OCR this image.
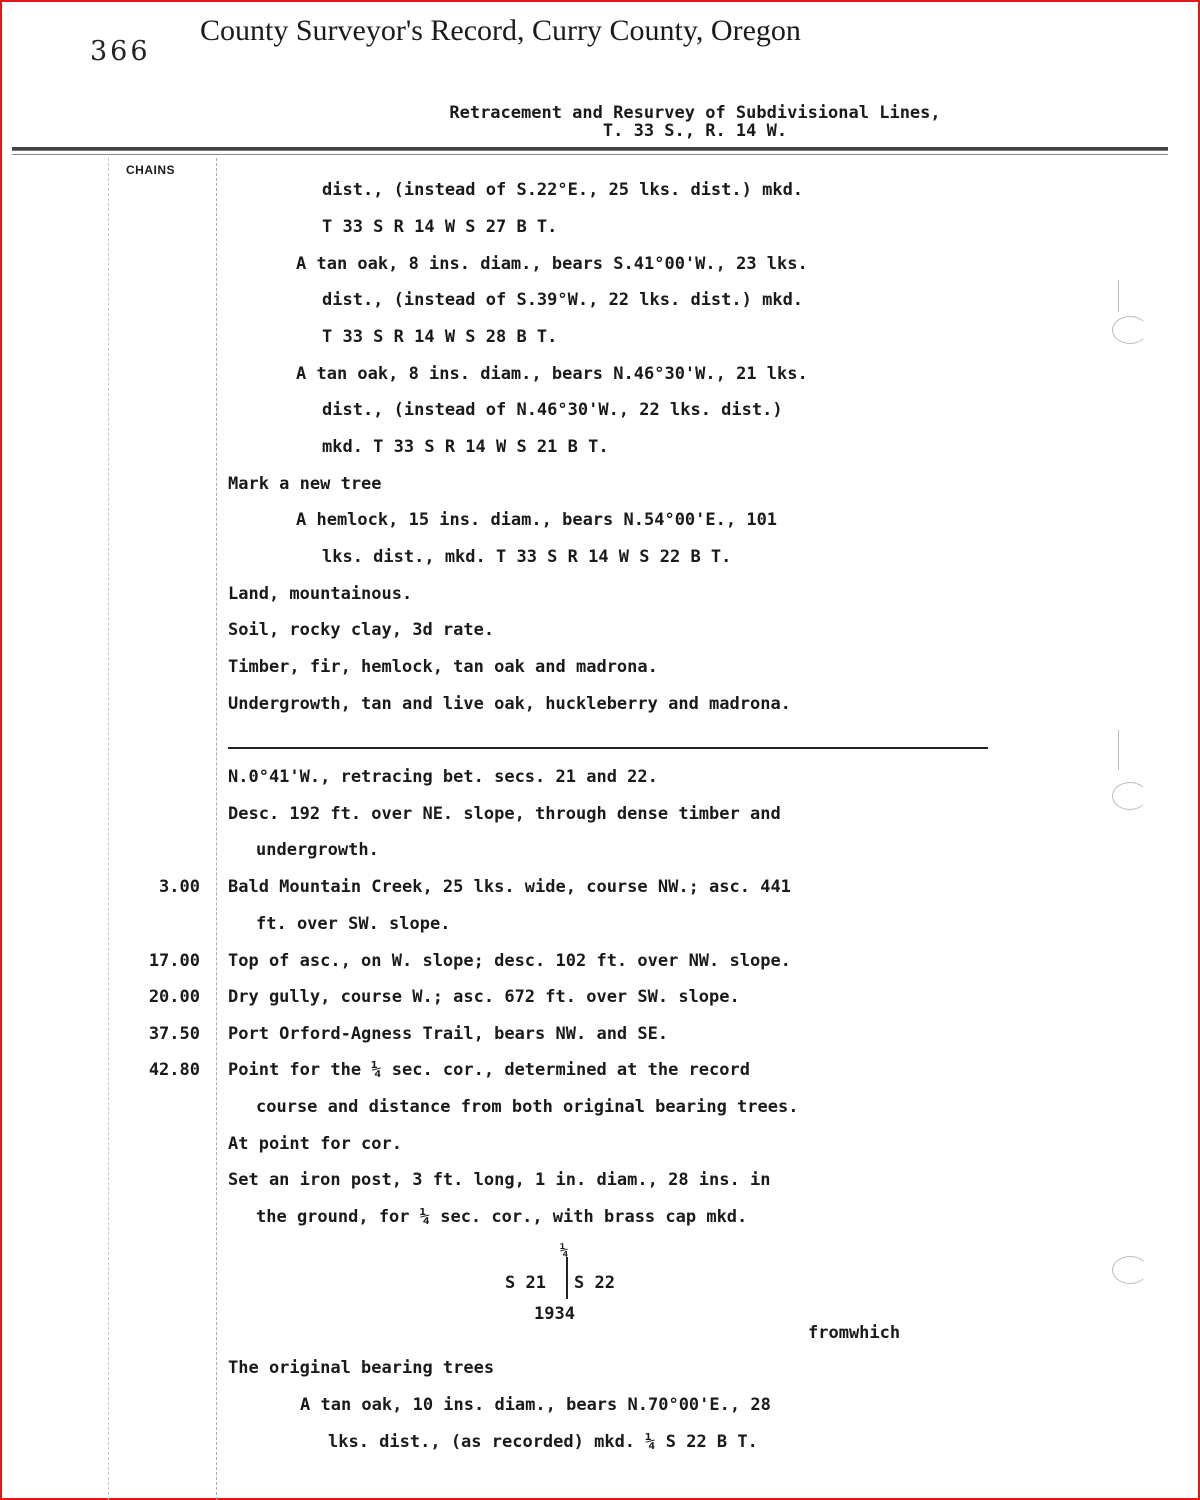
366
County Surveyor's Record, Curry County, Oregon
Retracement and Resurvey of Subdivisional Lines,
T. 33 S., R. 14 W.
CHAINS
dist., (instead of S.22°E., 25 lks. dist.) mkd.
T 33 S R 14 W S 27 B T.
A tan oak, 8 ins. diam., bears S.41°00'W., 23 lks.
dist., (instead of S.39°W., 22 lks. dist.) mkd.
T 33 S R 14 W S 28 B T.
A tan oak, 8 ins. diam., bears N.46°30'W., 21 lks.
dist., (instead of N.46°30'W., 22 lks. dist.)
mkd. T 33 S R 14 W S 21 B T.
Mark a new tree
A hemlock, 15 ins. diam., bears N.54°00'E., 101
lks. dist., mkd. T 33 S R 14 W S 22 B T.
Land, mountainous.
Soil, rocky clay, 3d rate.
Timber, fir, hemlock, tan oak and madrona.
Undergrowth, tan and live oak, huckleberry and madrona.
N.0°41'W., retracing bet. secs. 21 and 22.
Desc. 192 ft. over NE. slope, through dense timber and
undergrowth.
3.00 Bald Mountain Creek, 25 lks. wide, course NW.; asc. 441
ft. over SW. slope.
17.00 Top of asc., on W. slope; desc. 102 ft. over NW. slope.
20.00 Dry gully, course W.; asc. 672 ft. over SW. slope.
37.50 Port Orford-Agness Trail, bears NW. and SE.
42.80 Point for the ¼ sec. cor., determined at the record
course and distance from both original bearing trees.
At point for cor.
Set an iron post, 3 ft. long, 1 in. diam., 28 ins. in
the ground, for ¼ sec. cor., with brass cap mkd.
¼
S 21 S 22
1934
fromwhich
The original bearing trees
A tan oak, 10 ins. diam., bears N.70°00'E., 28
lks. dist., (as recorded) mkd. ¼ S 22 B T.
